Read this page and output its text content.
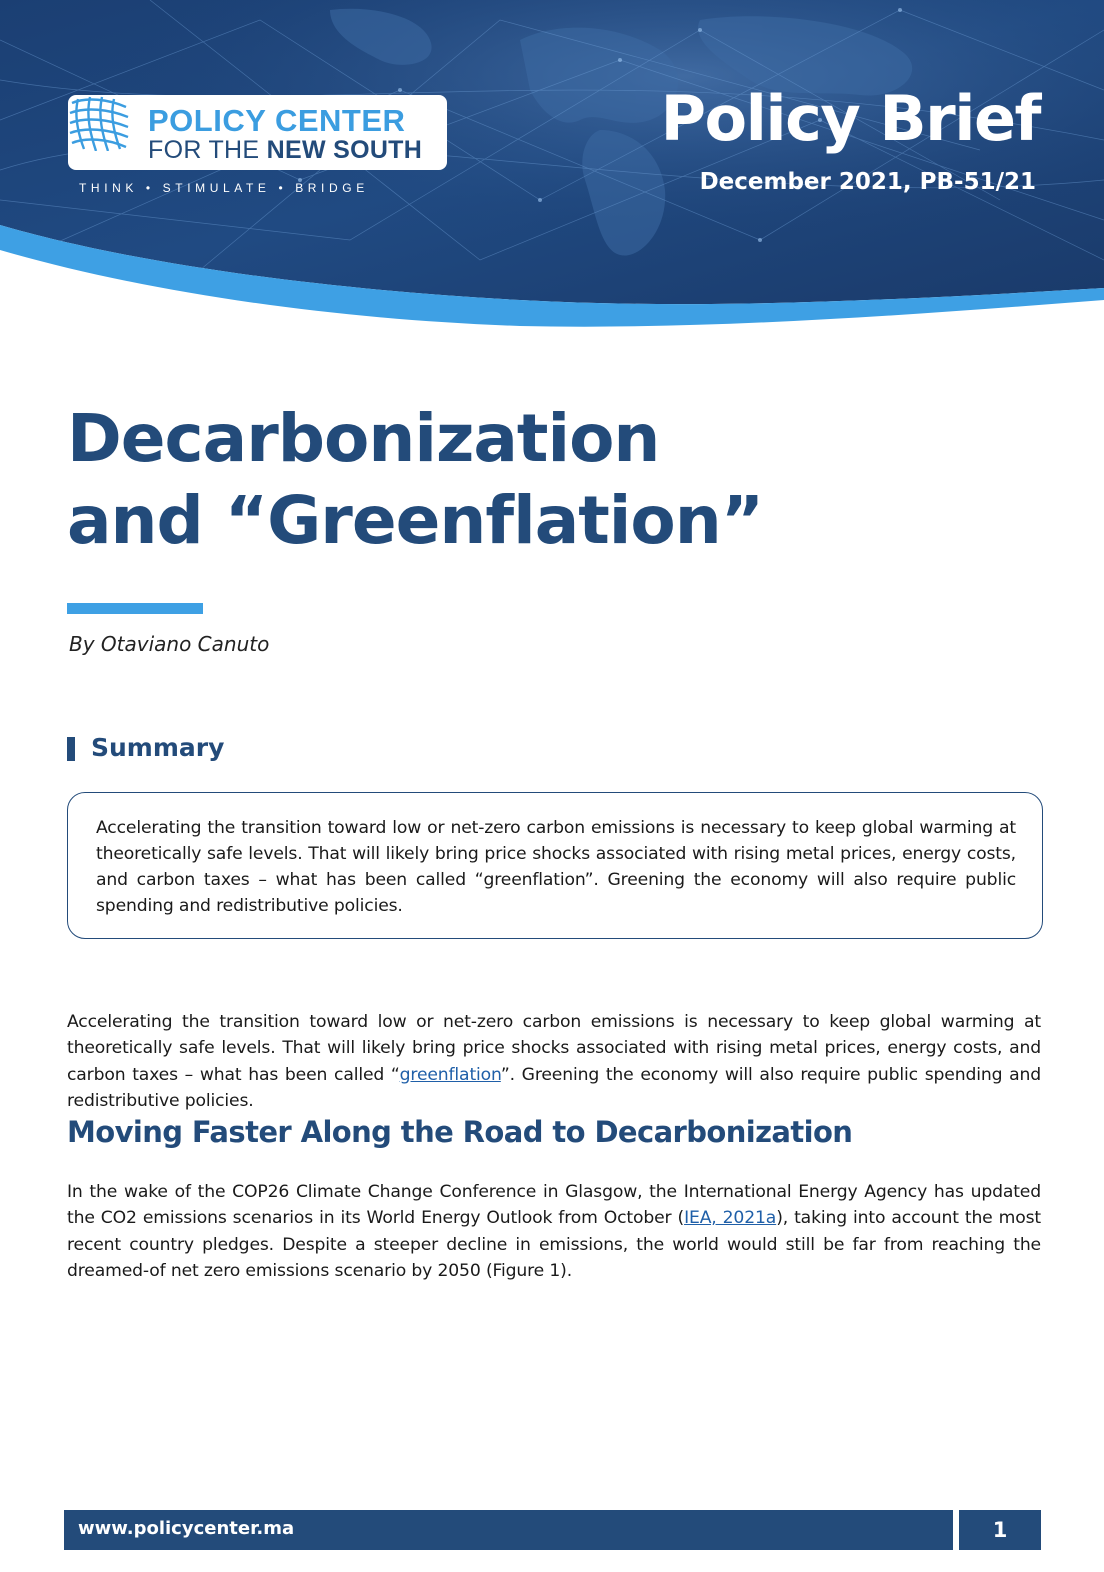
POLICY CENTER
FOR THE NEW SOUTH
THINK • STIMULATE • BRIDGE
Policy Brief
December 2021, PB-51/21
Decarbonization
and “Greenflation”
By Otaviano Canuto
Summary

Accelerating the transition toward low or net-zero carbon emissions is necessary to keep global warming at theoretically safe levels. That will likely bring price shocks associated with rising metal prices, energy costs, and carbon taxes – what has been called “greenflation”. Greening the economy will also require public spending and redistributive policies.

Accelerating the transition toward low or net-zero carbon emissions is necessary to keep global warming at theoretically safe levels. That will likely bring price shocks associated with rising metal prices, energy costs, and carbon taxes – what has been called “greenflation”. Greening the economy will also require public spending and redistributive policies.

Moving Faster Along the Road to Decarbonization

In the wake of the COP26 Climate Change Conference in Glasgow, the International Energy Agency has updated the CO2 emissions scenarios in its World Energy Outlook from October (IEA, 2021a), taking into account the most recent country pledges. Despite a steeper decline in emissions, the world would still be far from reaching the dreamed-of net zero emissions scenario by 2050 (Figure 1).

www.policycenter.ma	1
